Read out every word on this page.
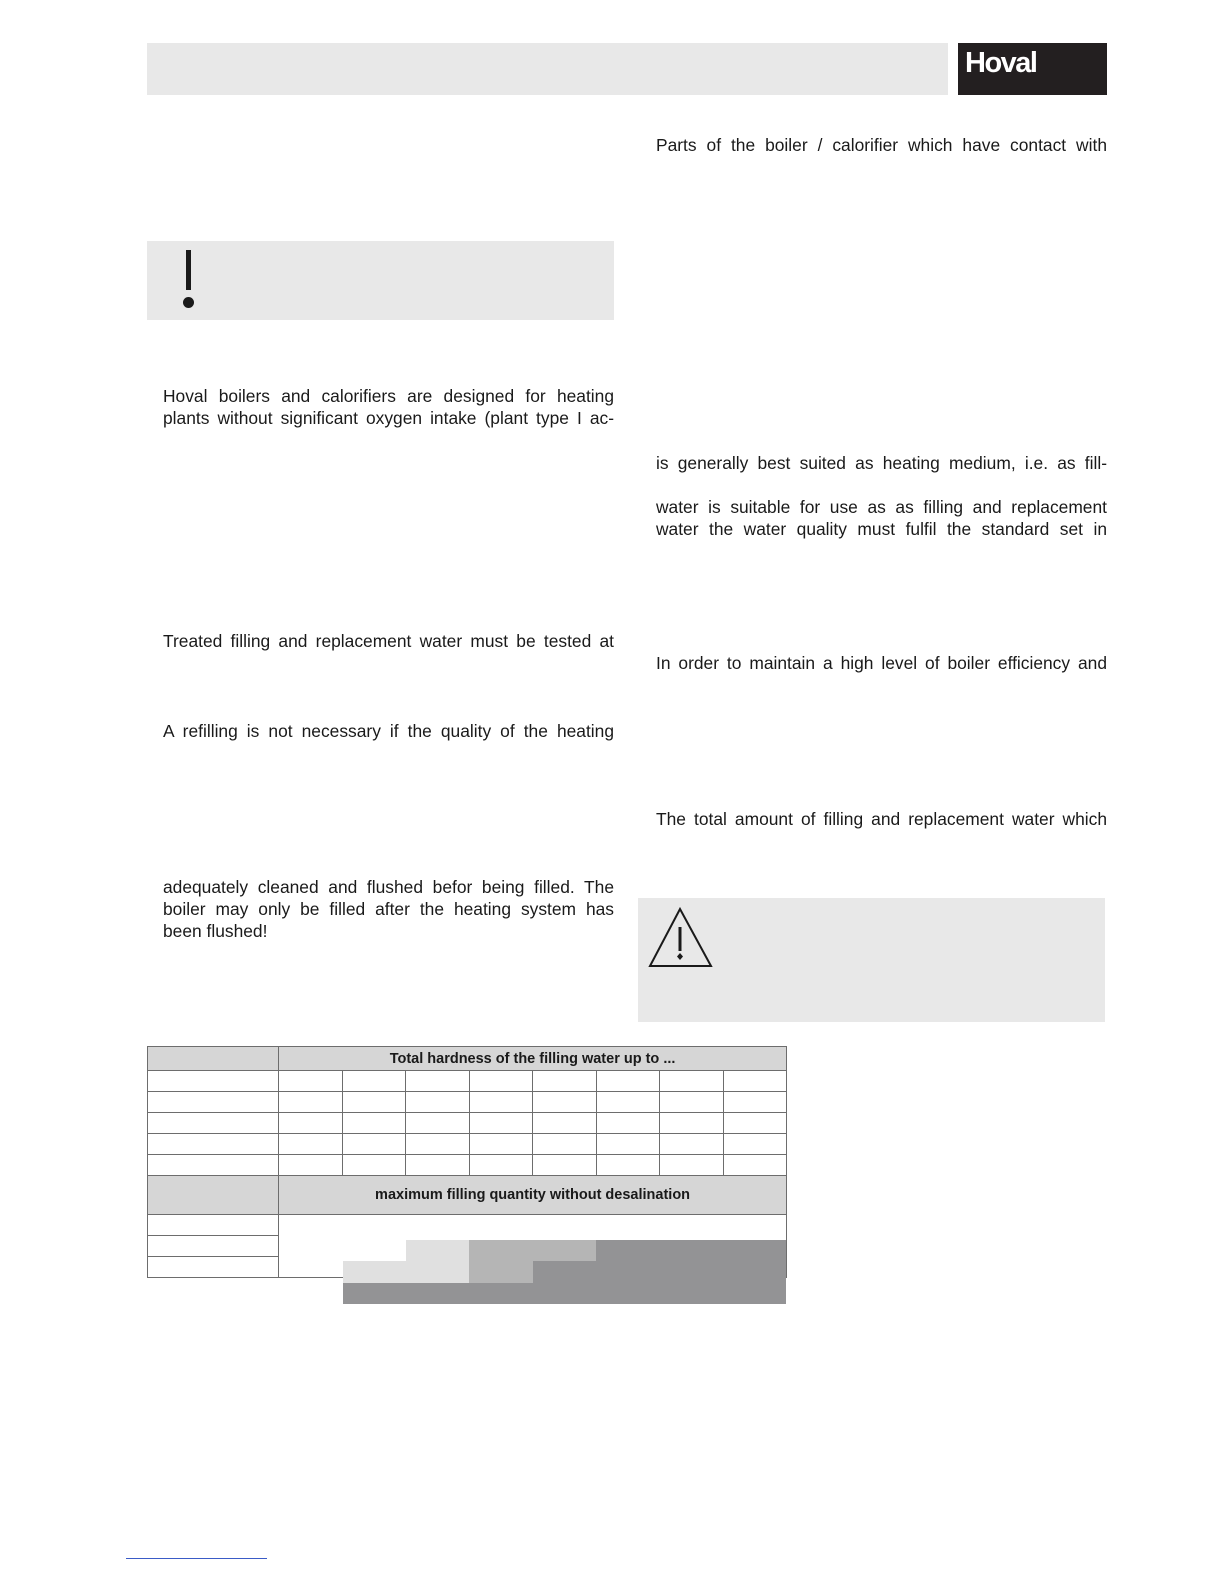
Hoval
Hoval boilers and calorifiers are designed for heating
plants without significant oxygen intake (plant type I ac-
Treated filling and replacement water must be tested at
A refilling is not necessary if the quality of the heating
adequately cleaned and flushed befor being filled. The
boiler may only be filled after the heating system has
been flushed!
Parts of the boiler / calorifier which have contact with
is generally best suited as heating medium, i.e. as fill-
water is suitable for use as as filling and replacement
water the water quality must fulfil the standard set in
In order to maintain a high level of boiler efficiency and
The total amount of filling and replacement water which
	Total hardness of the filling water up to ...							

	maximum filling quantity without desalination							
